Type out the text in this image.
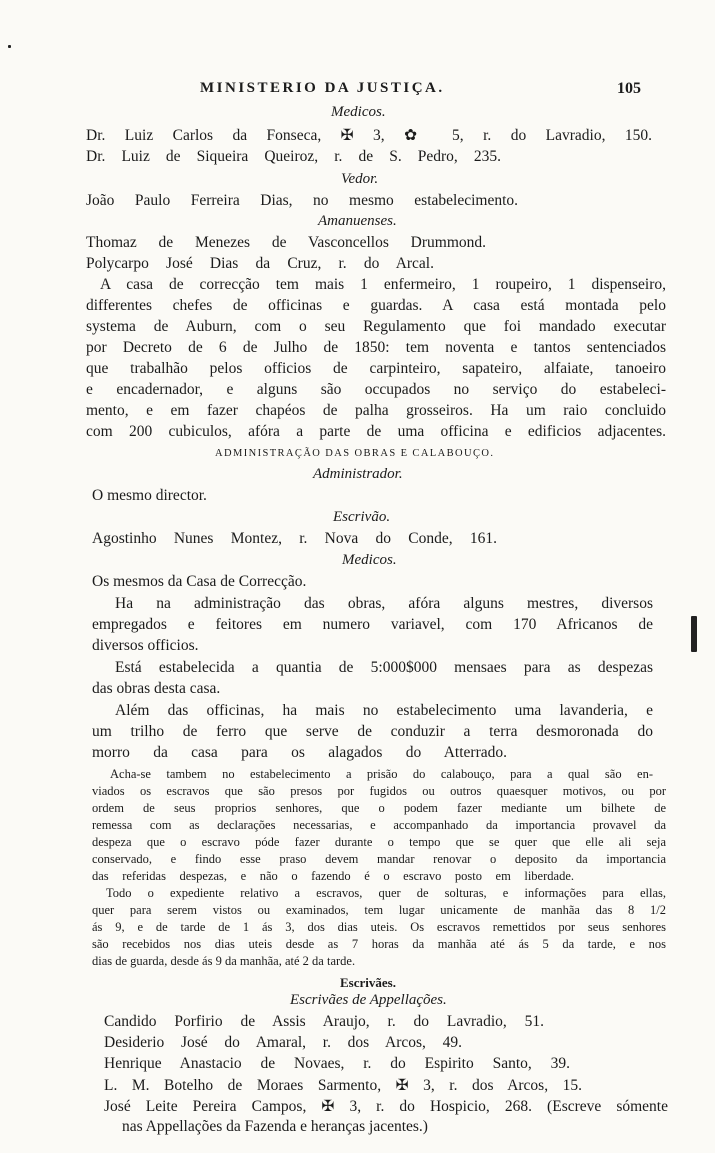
MINISTERIO DA JUSTIÇA.	105
Medicos.
Dr. Luiz Carlos da Fonseca, ✠ 3, ✿ 5, r. do Lavradio, 150.
Dr. Luiz de Siqueira Queiroz, r. de S. Pedro, 235.
Vedor.
João Paulo Ferreira Dias, no mesmo estabelecimento.
Amanuenses.
Thomaz de Menezes de Vasconcellos Drummond.
Polycarpo José Dias da Cruz, r. do Arcal.
A casa de correcção tem mais 1 enfermeiro, 1 roupeiro, 1 dispenseiro,
differentes chefes de officinas e guardas. A casa está montada pelo
systema de Auburn, com o seu Regulamento que foi mandado executar
por Decreto de 6 de Julho de 1850: tem noventa e tantos sentenciados
que trabalhão pelos officios de carpinteiro, sapateiro, alfaiate, tanoeiro
e encadernador, e alguns são occupados no serviço do estabeleci-
mento, e em fazer chapéos de palha grosseiros. Ha um raio concluido
com 200 cubiculos, afóra a parte de uma officina e edificios adjacentes.
ADMINISTRAÇÃO DAS OBRAS E CALABOUÇO.
Administrador.
O mesmo director.
Escrivão.
Agostinho Nunes Montez, r. Nova do Conde, 161.
Medicos.
Os mesmos da Casa de Correcção.
Ha na administração das obras, afóra alguns mestres, diversos
empregados e feitores em numero variavel, com 170 Africanos de
diversos officios.
Está estabelecida a quantia de 5:000$000 mensaes para as despezas
das obras desta casa.
Além das officinas, ha mais no estabelecimento uma lavanderia, e
um trilho de ferro que serve de conduzir a terra desmoronada do
morro da casa para os alagados do Atterrado.
Acha-se tambem no estabelecimento a prisão do calabouço, para a qual são en-
viados os escravos que são presos por fugidos ou outros quaesquer motivos, ou por
ordem de seus proprios senhores, que o podem fazer mediante um bilhete de
remessa com as declarações necessarias, e accompanhado da importancia provavel da
despeza que o escravo póde fazer durante o tempo que se quer que elle ali seja
conservado, e findo esse praso devem mandar renovar o deposito da importancia
das referidas despezas, e não o fazendo é o escravo posto em liberdade.
Todo o expediente relativo a escravos, quer de solturas, e informações para ellas,
quer para serem vistos ou examinados, tem lugar unicamente de manhãa das 8 1/2
ás 9, e de tarde de 1 ás 3, dos dias uteis. Os escravos remettidos por seus senhores
são recebidos nos dias uteis desde as 7 horas da manhãa até ás 5 da tarde, e nos
dias de guarda, desde ás 9 da manhãa, até 2 da tarde.
Escrivães.
Escrivães de Appellações.
Candido Porfirio de Assis Araujo, r. do Lavradio, 51.
Desiderio José do Amaral, r. dos Arcos, 49.
Henrique Anastacio de Novaes, r. do Espirito Santo, 39.
L. M. Botelho de Moraes Sarmento, ✠ 3, r. dos Arcos, 15.
José Leite Pereira Campos, ✠ 3, r. do Hospicio, 268. (Escreve sómente
nas Appellações da Fazenda e heranças jacentes.)
